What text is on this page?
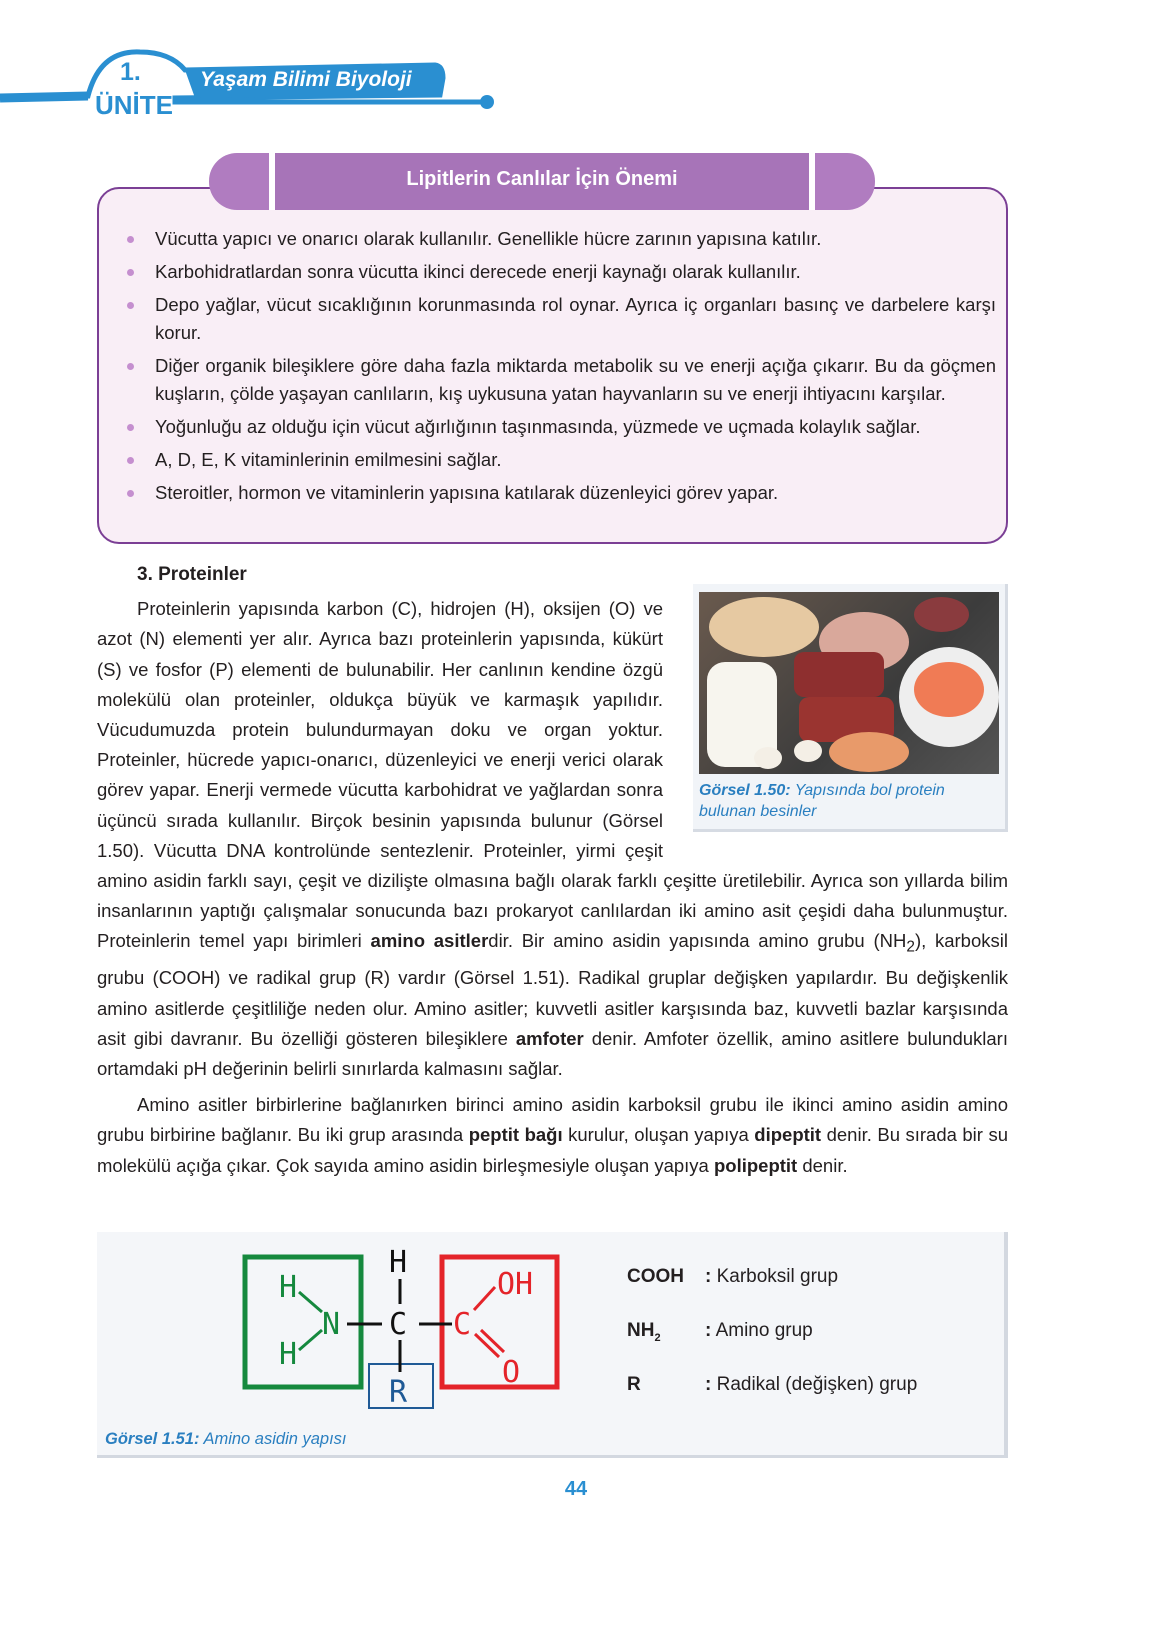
1.
ÜNİTE
Yaşam Bilimi Biyoloji
Vücutta yapıcı ve onarıcı olarak kullanılır. Genellikle hücre zarının yapısına katılır.
Karbohidratlardan sonra vücutta ikinci derecede enerji kaynağı olarak kullanılır.
Depo yağlar, vücut sıcaklığının korunmasında rol oynar. Ayrıca iç organları basınç ve darbelere karşı korur.
Diğer organik bileşiklere göre daha fazla miktarda metabolik su ve enerji açığa çıkarır. Bu da göçmen kuşların, çölde yaşayan canlıların, kış uykusuna yatan hayvanların su ve enerji ihtiyacını karşılar.
Yoğunluğu az olduğu için vücut ağırlığının taşınmasında, yüzmede ve uçmada kolaylık sağlar.
A, D, E, K vitaminlerinin emilmesini sağlar.
Steroitler, hormon ve vitaminlerin yapısına katılarak düzenleyici görev yapar.
Lipitlerin Canlılar İçin Önemi
3. Proteinler

Görsel 1.50: Yapısında bol protein bulunan besinler
Proteinlerin yapısında karbon (C), hidrojen (H), oksijen (O) ve azot (N) elementi yer alır. Ayrıca bazı proteinlerin yapısında, kükürt (S) ve fosfor (P) elementi de bulunabilir. Her canlının kendine özgü molekülü olan proteinler, oldukça büyük ve karmaşık yapılıdır. Vücudumuzda protein bulundurmayan doku ve organ yoktur. Proteinler, hücrede yapıcı-onarıcı, düzenleyici ve enerji verici olarak görev yapar. Enerji vermede vücutta karbohidrat ve yağlardan sonra üçüncü sırada kullanılır. Birçok besinin yapısında bulunur (Görsel 1.50). Vücutta DNA kontrolünde sentezlenir. Proteinler, yirmi çeşit amino asidin farklı sayı, çeşit ve dizilişte olmasına bağlı olarak farklı çeşitte üretilebilir. Ayrıca son yıllarda bilim insanlarının yaptığı çalışmalar sonucunda bazı prokaryot canlılardan iki amino asit çeşidi daha bulunmuştur. Proteinlerin temel yapı birimleri amino asitlerdir. Bir amino asidin yapısında amino grubu $(NH_2)$, karboksil grubu (COOH) ve radikal grup (R) vardır (Görsel 1.51). Radikal gruplar değişken yapılardır. Bu değişkenlik amino asitlerde çeşitliliğe neden olur. Amino asitler; kuvvetli asitler karşısında baz, kuvvetli bazlar karşısında asit gibi davranır. Bu özelliği gösteren bileşiklere amfoter denir. Amfoter özellik, amino asitlere bulundukları ortamdaki pH değerinin belirli sınırlarda kalmasını sağlar.

Amino asitler birbirlerine bağlanırken birinci amino asidin karboksil grubu ile ikinci amino asidin amino grubu birbirine bağlanır. Bu iki grup arasında peptit bağı kurulur, oluşan yapıya dipeptit denir. Bu sırada bir su molekülü açığa çıkar. Çok sayıda amino asidin birleşmesiyle oluşan yapıya polipeptit denir.

H
H
N
H
C
R
C
OH
O
COOH : Karboksil grup
$NH_2$ : Amino grup
R	: Radikal (değişken) grup
Görsel 1.51: Amino asidin yapısı
44
